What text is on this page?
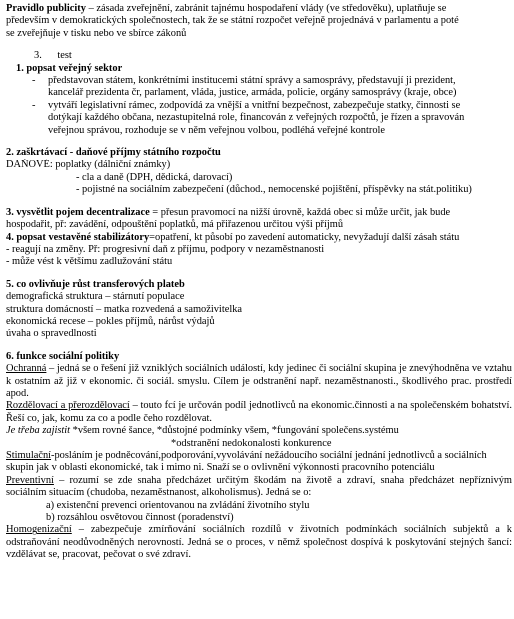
Pravidlo publicity – zásada zveřejnění, zabránit tajnému hospodaření vlády (ve středověku), uplatňuje se

především v demokratických společnostech, tak že se státní rozpočet veřejně projednává v parlamentu a poté

se zveřejňuje v tisku nebo ve sbírce zákonů

3. test

1. popsat veřejný sektor

-	představovan státem, konkrétními institucemi státní správy a samosprávy, představují ji prezident, kancelář prezidenta čr, parlament, vláda, justice, armáda, policie, orgány samosprávy (kraje, obce)
-	vytváří legislativní rámec, zodpovídá za vnější a vnitřní bezpečnost, zabezpečuje statky, činnosti se dotýkají každého občana, nezastupitelná role, financován z veřejných rozpočtů, je řízen a spravován veřejnou správou, rozhoduje se v něm veřejnou volbou, podléhá veřejné kontrole

2. zaškrtávací - daňové příjmy státního rozpočtu

DAŇOVÉ: poplatky (dálniční známky)

- cla a daně (DPH, dědická, darovací)

- pojistné na sociálním zabezpečení (důchod., nemocenské pojištění, příspěvky na stát.politiku)

3. vysvětlit pojem decentralizace = přesun pravomocí na nižší úrovně, každá obec si může určit, jak bude

hospodařit, př: zavádění, odpouštění poplatků, má přiřazenou určitou výši příjmů

4. popsat vestavěné stabilizátory=opatření, kt působí po zavedení automaticky, nevyžadují další zásah státu

- reagují na změny. Př: progresivní daň z příjmu, podpory v nezaměstnanosti

- může vést k většímu zadlužování státu

5. co ovlivňuje růst transferových plateb

demografická struktura – stárnutí populace

struktura domácností – matka rozvedená a samoživitelka

ekonomická recese – pokles příjmů, nárůst výdajů

úvaha o spravedlnosti

6. funkce sociální politiky

Ochranná – jedná se o řešení již vzniklých sociálních událostí, kdy jedinec či sociální skupina je znevýhodněna ve vztahu k ostatním až již v ekonomic. či sociál. smyslu. Cílem je odstranění např. nezaměstnanosti., škodlivého prac. prostředí apod.

Rozdělovací a přerozdělovací – touto fcí je určován podíl jednotlivců na ekonomic.činnosti a na společenském bohatství. Řeší co, jak, komu za co a podle čeho rozdělovat.

Je třeba zajistit *všem rovné šance, *důstojné podmínky všem, *fungování společens.systému

*odstranění nedokonalosti konkurence

Stimulační-posláním je podněcování,podporování,vyvolávání nežádoucího sociální jednání jednotlivců a sociálních skupin jak v oblasti ekonomické, tak i mimo ni. Snaží se o ovlivnění výkonnosti pracovního potenciálu

Preventivní – rozumí se zde snaha předcházet určitým škodám na životě a zdraví, snaha předcházet nepříznivým sociálním situacím (chudoba, nezaměstnanost, alkoholismus). Jedná se o:

a) existenční prevenci orientovanou na zvládání životního stylu

b) rozsáhlou osvětovou činnost (poradenství)

Homogenizační – zabezpečuje zmírňování sociálních rozdílů v životních podmínkách sociálních subjektů a k odstraňování neodůvodněných nerovností. Jedná se o proces, v němž společnost dospívá k poskytování stejných šancí: vzdělávat se, pracovat, pečovat o své zdraví.
